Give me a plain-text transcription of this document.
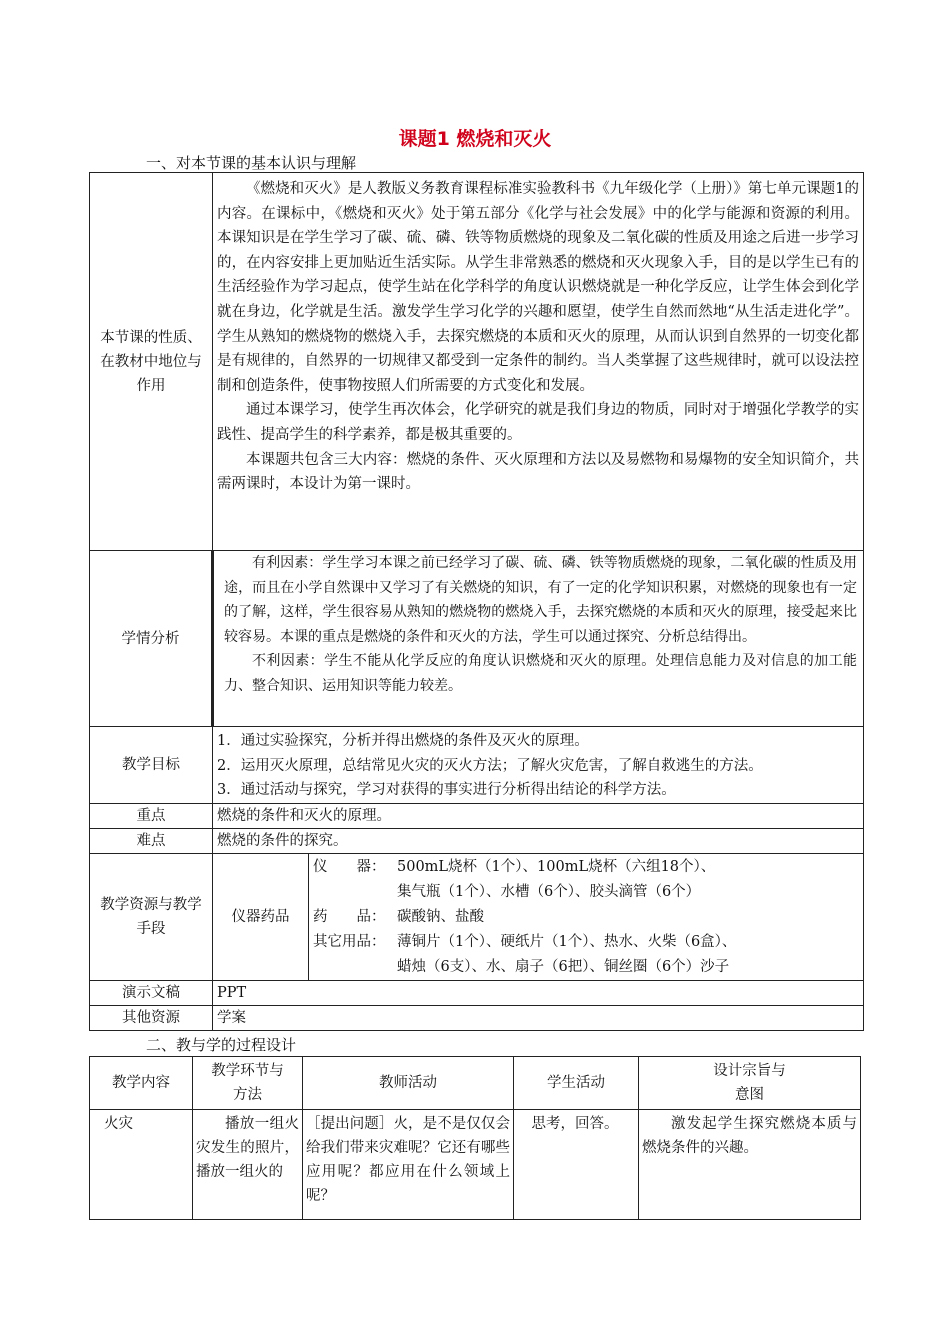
课题1 燃烧和灭火
一、对本节课的基本认识与理解
本节课的性质、在教材中地位与作用	《燃烧和灭火》是人教版义务教育课程标准实验教科书《九年级化学（上册）》第七单元课题1的内容。在课标中，《燃烧和灭火》处于第五部分《化学与社会发展》中的化学与能源和资源的利用。本课知识是在学生学习了碳、硫、磷、铁等物质燃烧的现象及二氧化碳的性质及用途之后进一步学习的，在内容安排上更加贴近生活实际。从学生非常熟悉的燃烧和灭火现象入手，目的是以学生已有的生活经验作为学习起点，使学生站在化学科学的角度认识燃烧就是一种化学反应，让学生体会到化学就在身边，化学就是生活。激发学生学习化学的兴趣和愿望，使学生自然而然地“从生活走进化学”。学生从熟知的燃烧物的燃烧入手，去探究燃烧的本质和灭火的原理，从而认识到自然界的一切变化都是有规律的，自然界的一切规律又都受到一定条件的制约。当人类掌握了这些规律时，就可以设法控制和创造条件，使事物按照人们所需要的方式变化和发展。

通过本课学习，使学生再次体会，化学研究的就是我们身边的物质，同时对于增强化学教学的实践性、提高学生的科学素养，都是极其重要的。

本课题共包含三大内容：燃烧的条件、灭火原理和方法以及易燃物和易爆物的安全知识简介，共需两课时，本设计为第一课时。	

学情分析	有利因素：学生学习本课之前已经学习了碳、硫、磷、铁等物质燃烧的现象，二氧化碳的性质及用途，而且在小学自然课中又学习了有关燃烧的知识，有了一定的化学知识积累，对燃烧的现象也有一定的了解，这样，学生很容易从熟知的燃烧物的燃烧入手，去探究燃烧的本质和灭火的原理，接受起来比较容易。本课的重点是燃烧的条件和灭火的方法，学生可以通过探究、分析总结得出。

不利因素：学生不能从化学反应的角度认识燃烧和灭火的原理。处理信息能力及对信息的加工能力、整合知识、运用知识等能力较差。	

教学目标	1．通过实验探究，分析并得出燃烧的条件及灭火的原理。

2．运用灭火原理，总结常见火灾的灭火方法；了解火灾危害，了解自救逃生的方法。

3．通过活动与探究，学习对获得的事实进行分析得出结论的科学方法。	

重点	燃烧的条件和灭火的原理。	
难点	燃烧的条件的探究。	
教学资源与教学手段	仪器药品	仪　　器： 500mL烧杯（1个）、100mL烧杯（六组18个）、

集气瓶（1个）、水槽（6个）、胶头滴管（6个）

药　　品： 碳酸钠、盐酸

其它用品： 薄铜片（1个）、硬纸片（1个）、热水、火柴（6盒）、

蜡烛（6支）、水、扇子（6把）、铜丝圈（6个）沙子

演示文稿	PPT	
其他资源	学案	
二、教与学的过程设计
教学内容	教学环节与方法	教师活动	学生活动	设计宗旨与意图
火灾	播放一组火灾发生的照片，播放一组火的	［提出问题］火，是不是仅仅会给我们带来灾难呢？它还有哪些应用呢？都应用在什么领域上呢？	思考，回答。	激发起学生探究燃烧本质与燃烧条件的兴趣。
